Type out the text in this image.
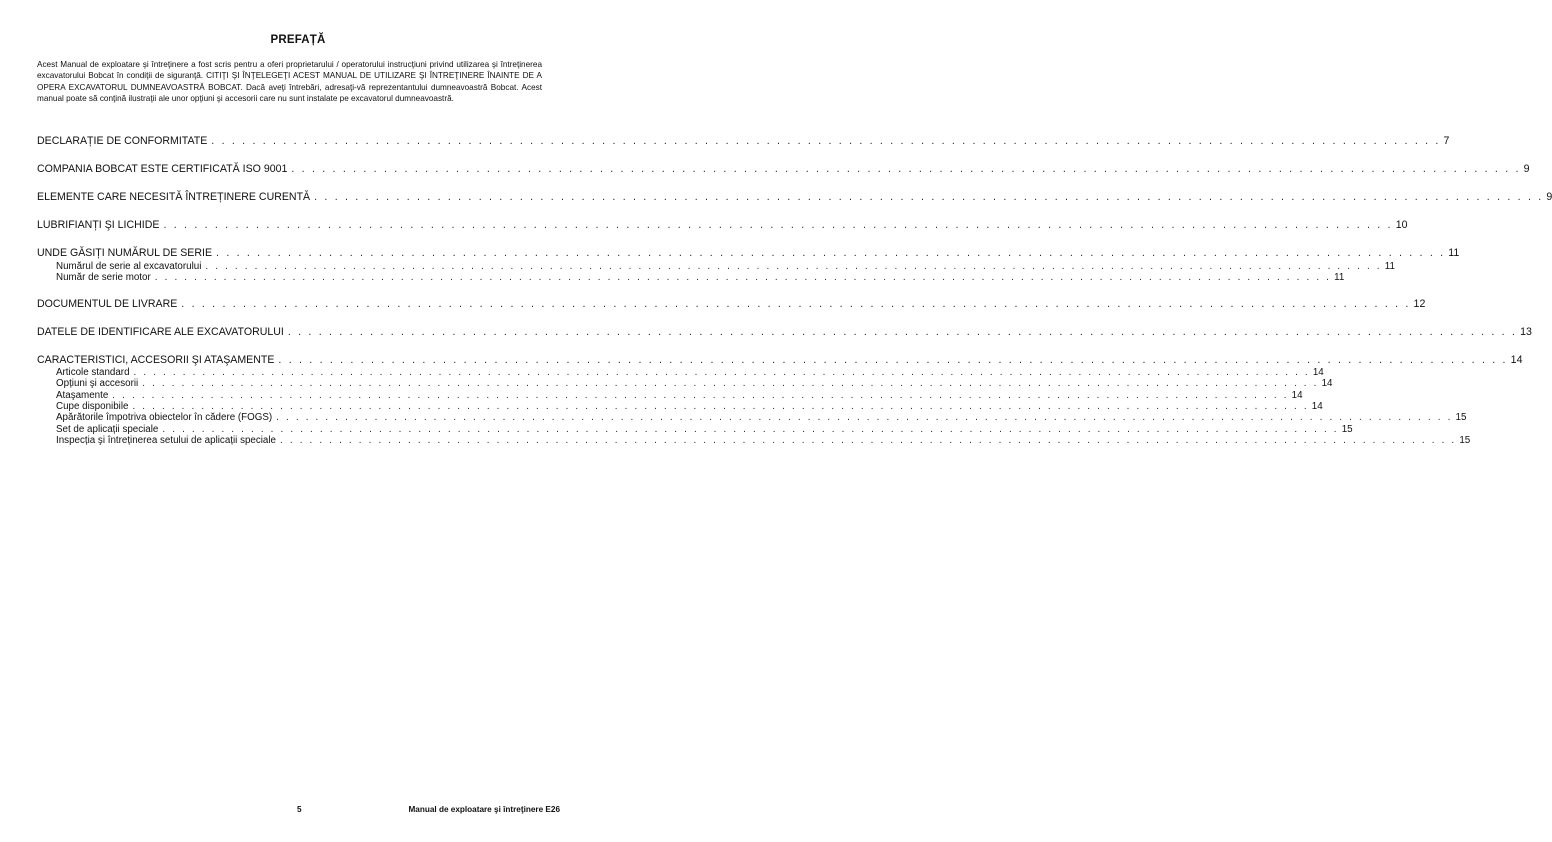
PREFAȚĂ
Acest Manual de exploatare şi întreţinere a fost scris pentru a oferi proprietarului / operatorului instrucţiuni privind utilizarea şi întreţinerea excavatorului Bobcat în condiţii de siguranţă. CITIŢI ŞI ÎNŢELEGEŢI ACEST MANUAL DE UTILIZARE ŞI ÎNTREŢINERE ÎNAINTE DE A OPERA EXCAVATORUL DUMNEAVOASTRĂ BOBCAT. Dacă aveţi întrebări, adresaţi-vă reprezentantului dumneavoastră Bobcat. Acest manual poate să conţină ilustraţii ale unor opţiuni şi accesorii care nu sunt instalate pe excavatorul dumneavoastră.
DECLARAȚIE DE CONFORMITATE . . . . . . . . . . . . . . . . . . . . . . . . . . . . . . . . . . . . . . . . . . . . . . . . . . . . . . . . . . . . . . . . . . . . . . . . . . . . . . . . . . . . . . . . . . . . . . . . . . . . . . . . . . . . . . . . . . . . . . . . 7
COMPANIA BOBCAT ESTE CERTIFICATĂ ISO 9001 . . . . . . . . . . . . . . . . . . . . . . . . . . . . . . . . . . . . . . . . . . . . . . . . . . . . . . . . . . . . . . . . . . . . . . . . . . . . . . . . . . . . . . . . . . . . . . . . . . . . . . . . . . . . . . . . . . . . . . . . 9
ELEMENTE CARE NECESITĂ ÎNTREȚINERE CURENTĂ . . . . . . . . . . . . . . . . . . . . . . . . . . . . . . . . . . . . . . . . . . . . . . . . . . . . . . . . . . . . . . . . . . . . . . . . . . . . . . . . . . . . . . . . . . . . . . . . . . . . . . . . . . . . . . . . . . . . . . . . 9
LUBRIFIANȚI ŞI LICHIDE . . . . . . . . . . . . . . . . . . . . . . . . . . . . . . . . . . . . . . . . . . . . . . . . . . . . . . . . . . . . . . . . . . . . . . . . . . . . . . . . . . . . . . . . . . . . . . . . . . . . . . . . . . . . . . . . . . . . . . . . 10
UNDE GĂSIȚI NUMĂRUL DE SERIE . . . . . . . . . . . . . . . . . . . . . . . . . . . . . . . . . . . . . . . . . . . . . . . . . . . . . . . . . . . . . . . . . . . . . . . . . . . . . . . . . . . . . . . . . . . . . . . . . . . . . . . . . . . . . . . . . . . . . . . . 11
Numărul de serie al excavatorului . . . . . . . . . . . . . . . . . . . . . . . . . . . . . . . . . . . . . . . . . . . . . . . . . . . . . . . . . . . . . . . . . . . . . . . . . . . . . . . . . . . . . . . . . . . . . . . . . . . . . . . . . . . . . . . . . . . . . . . . 11
Număr de serie motor . . . . . . . . . . . . . . . . . . . . . . . . . . . . . . . . . . . . . . . . . . . . . . . . . . . . . . . . . . . . . . . . . . . . . . . . . . . . . . . . . . . . . . . . . . . . . . . . . . . . . . . . . . . . . . . . . . . . . . . . 11
DOCUMENTUL DE LIVRARE . . . . . . . . . . . . . . . . . . . . . . . . . . . . . . . . . . . . . . . . . . . . . . . . . . . . . . . . . . . . . . . . . . . . . . . . . . . . . . . . . . . . . . . . . . . . . . . . . . . . . . . . . . . . . . . . . . . . . . . . 12
DATELE DE IDENTIFICARE ALE EXCAVATORULUI . . . . . . . . . . . . . . . . . . . . . . . . . . . . . . . . . . . . . . . . . . . . . . . . . . . . . . . . . . . . . . . . . . . . . . . . . . . . . . . . . . . . . . . . . . . . . . . . . . . . . . . . . . . . . . . . . . . . . . . . 13
CARACTERISTICI, ACCESORII ŞI ATAŞAMENTE . . . . . . . . . . . . . . . . . . . . . . . . . . . . . . . . . . . . . . . . . . . . . . . . . . . . . . . . . . . . . . . . . . . . . . . . . . . . . . . . . . . . . . . . . . . . . . . . . . . . . . . . . . . . . . . . . . . . . . . . 14
Articole standard . . . . . . . . . . . . . . . . . . . . . . . . . . . . . . . . . . . . . . . . . . . . . . . . . . . . . . . . . . . . . . . . . . . . . . . . . . . . . . . . . . . . . . . . . . . . . . . . . . . . . . . . . . . . . . . . . . . . . . . . 14
Opțiuni şi accesorii . . . . . . . . . . . . . . . . . . . . . . . . . . . . . . . . . . . . . . . . . . . . . . . . . . . . . . . . . . . . . . . . . . . . . . . . . . . . . . . . . . . . . . . . . . . . . . . . . . . . . . . . . . . . . . . . . . . . . . . . 14
Ataşamente . . . . . . . . . . . . . . . . . . . . . . . . . . . . . . . . . . . . . . . . . . . . . . . . . . . . . . . . . . . . . . . . . . . . . . . . . . . . . . . . . . . . . . . . . . . . . . . . . . . . . . . . . . . . . . . . . . . . . . . . 14
Cupe disponibile . . . . . . . . . . . . . . . . . . . . . . . . . . . . . . . . . . . . . . . . . . . . . . . . . . . . . . . . . . . . . . . . . . . . . . . . . . . . . . . . . . . . . . . . . . . . . . . . . . . . . . . . . . . . . . . . . . . . . . . . 14
Apărătorile împotriva obiectelor în cădere (FOGS) . . . . . . . . . . . . . . . . . . . . . . . . . . . . . . . . . . . . . . . . . . . . . . . . . . . . . . . . . . . . . . . . . . . . . . . . . . . . . . . . . . . . . . . . . . . . . . . . . . . . . . . . . . . . . . . . . . . . . . . . 15
Set de aplicații speciale . . . . . . . . . . . . . . . . . . . . . . . . . . . . . . . . . . . . . . . . . . . . . . . . . . . . . . . . . . . . . . . . . . . . . . . . . . . . . . . . . . . . . . . . . . . . . . . . . . . . . . . . . . . . . . . . . . . . . . . . 15
Inspecția şi întreținerea setului de aplicații speciale . . . . . . . . . . . . . . . . . . . . . . . . . . . . . . . . . . . . . . . . . . . . . . . . . . . . . . . . . . . . . . . . . . . . . . . . . . . . . . . . . . . . . . . . . . . . . . . . . . . . . . . . . . . . . . . . . . . . . . . . 15
5	Manual de exploatare şi întreţinere E26
